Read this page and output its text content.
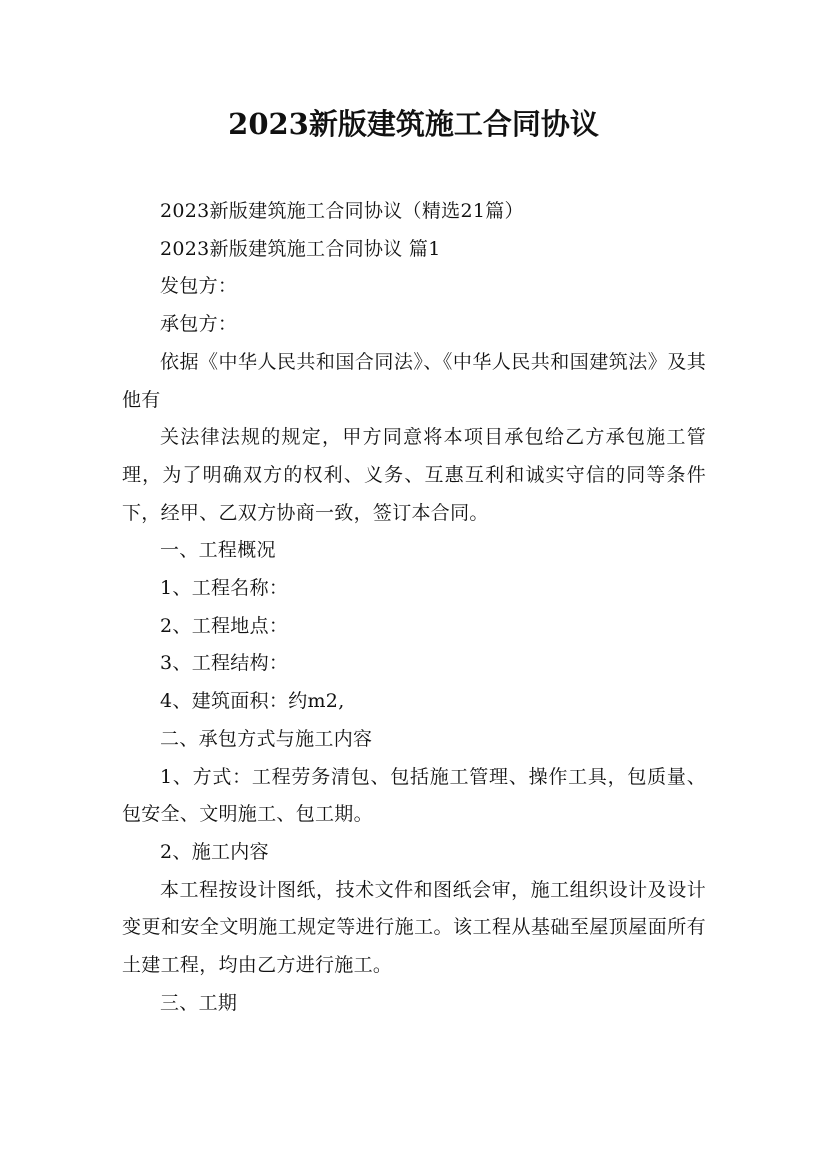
2023新版建筑施工合同协议

2023新版建筑施工合同协议（精选21篇）

2023新版建筑施工合同协议 篇1

发包方：

承包方：

依据《中华人民共和国合同法》、《中华人民共和国建筑法》及其他有

关法律法规的规定，甲方同意将本项目承包给乙方承包施工管理，为了明确双方的权利、义务、互惠互利和诚实守信的同等条件下，经甲、乙双方协商一致，签订本合同。

一、工程概况

1、工程名称：

2、工程地点：

3、工程结构：

4、建筑面积：约m2,

二、承包方式与施工内容

1、方式：工程劳务清包、包括施工管理、操作工具，包质量、包安全、文明施工、包工期。

2、施工内容

本工程按设计图纸，技术文件和图纸会审，施工组织设计及设计变更和安全文明施工规定等进行施工。该工程从基础至屋顶屋面所有土建工程，均由乙方进行施工。

三、工期
